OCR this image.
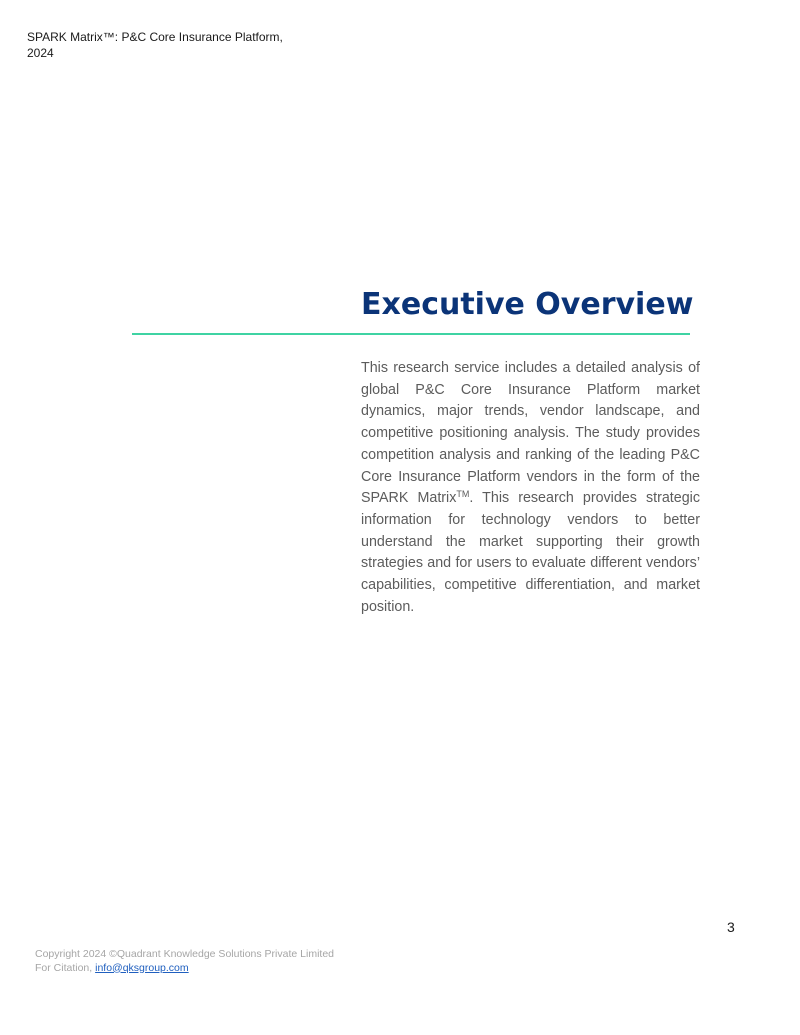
SPARK Matrix™: P&C Core Insurance Platform, 2024
Executive Overview

This research service includes a detailed analysis of global P&C Core Insurance Platform market dynamics, major trends, vendor landscape, and competitive positioning analysis. The study provides competition analysis and ranking of the leading P&C Core Insurance Platform vendors in the form of the SPARK Matrix™. This research provides strategic information for technology vendors to better understand the market supporting their growth strategies and for users to evaluate different vendors’ capabilities, competitive differentiation, and market position.

3
Copyright 2024 ©Quadrant Knowledge Solutions Private Limited
For Citation, info@qksgroup.com
